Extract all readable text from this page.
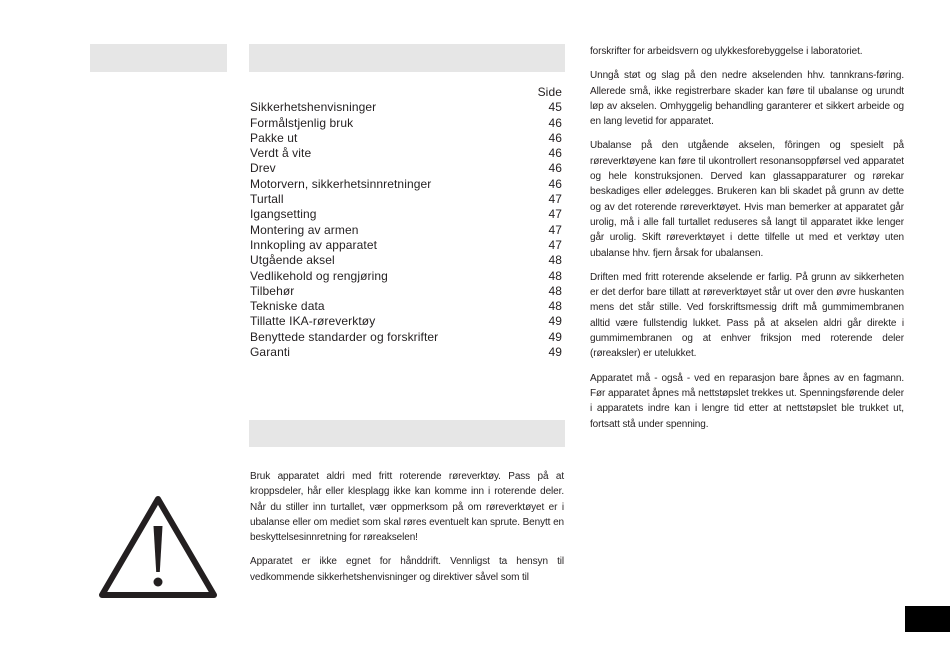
Side
Sikkerhetshenvisninger	45
Formålstjenlig bruk	46
Pakke ut	46
Verdt å vite	46
Drev	46
Motorvern, sikkerhetsinnretninger	46
Turtall	47
Igangsetting	47
Montering av armen	47
Innkopling av apparatet	47
Utgående aksel	48
Vedlikehold og rengjøring	48
Tilbehør	48
Tekniske data	48
Tillatte IKA-røreverktøy	49
Benyttede standarder og forskrifter	49
Garanti	49

Bruk apparatet aldri med fritt roterende røreverktøy. Pass på at kroppsdeler, hår eller klesplagg ikke kan komme inn i roterende deler. Når du stiller inn turtallet, vær oppmerksom på om røreverktøyet er i ubalanse eller om mediet som skal røres eventuelt kan sprute. Benytt en beskyttelsesinnretning for røreakselen!

Apparatet er ikke egnet for hånddrift. Vennligst ta hensyn til vedkommende sikkerhetshenvisninger og direktiver såvel som til

forskrifter for arbeidsvern og ulykkesforebyggelse i laboratoriet.

Unngå støt og slag på den nedre akselenden hhv. tannkrans-føring. Allerede små, ikke registrerbare skader kan føre til ubalanse og urundt løp av akselen. Omhyggelig behandling garanterer et sikkert arbeide og en lang levetid for apparatet.

Ubalanse på den utgående akselen, fôringen og spesielt på røreverktøyene kan føre til ukontrollert resonansoppførsel ved apparatet og hele konstruksjonen. Derved kan glassapparaturer og rørekar beskadiges eller ødelegges. Brukeren kan bli skadet på grunn av dette og av det roterende røreverktøyet. Hvis man bemerker at apparatet går urolig, må i alle fall turtallet reduseres så langt til apparatet ikke lenger går urolig. Skift røreverktøyet i dette tilfelle ut med et verktøy uten ubalanse hhv. fjern årsak for ubalansen.

Driften med fritt roterende akselende er farlig. På grunn av sikkerheten er det derfor bare tillatt at røreverktøyet står ut over den øvre huskanten mens det står stille. Ved forskriftsmessig drift må gummimembranen alltid være fullstendig lukket. Pass på at akselen aldri går direkte i gummimembranen og at enhver friksjon med roterende deler (røreaksler) er utelukket.

Apparatet må - også - ved en reparasjon bare åpnes av en fagmann. Før apparatet åpnes må nettstøpslet trekkes ut. Spenningsførende deler i apparatets indre kan i lengre tid etter at nettstøpslet ble trukket ut, fortsatt stå under spenning.
